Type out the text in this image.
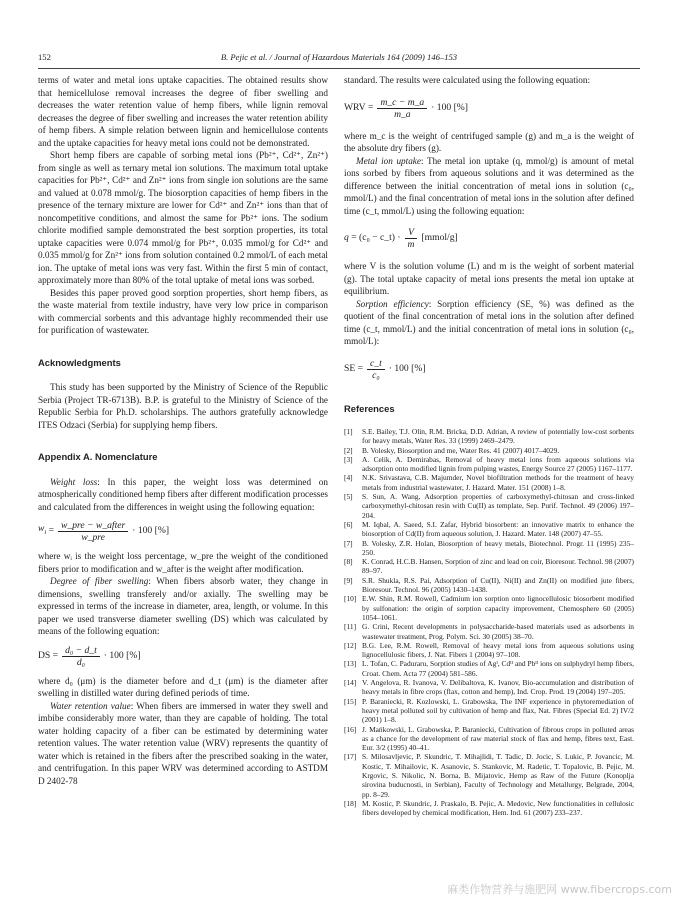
152	B. Pejic et al. / Journal of Hazardous Materials 164 (2009) 146–153

terms of water and metal ions uptake capacities. The obtained results show that hemicellulose removal increases the degree of fiber swelling and decreases the water retention value of hemp fibers, while lignin removal decreases the degree of fiber swelling and increases the water retention ability of hemp fibers. A simple relation between lignin and hemicellulose contents and the uptake capacities for heavy metal ions could not be demonstrated.

Short hemp fibers are capable of sorbing metal ions (Pb²⁺, Cd²⁺, Zn²⁺) from single as well as ternary metal ion solutions. The maximum total uptake capacities for Pb²⁺, Cd²⁺ and Zn²⁺ ions from single ion solutions are the same and valued at 0.078 mmol/g. The biosorption capacities of hemp fibers in the presence of the ternary mixture are lower for Cd²⁺ and Zn²⁺ ions than that of noncompetitive conditions, and almost the same for Pb²⁺ ions. The sodium chlorite modified sample demonstrated the best sorption properties, its total uptake capacities were 0.074 mmol/g for Pb²⁺, 0.035 mmol/g for Cd²⁺ and 0.035 mmol/g for Zn²⁺ ions from solution contained 0.2 mmol/L of each metal ion. The uptake of metal ions was very fast. Within the first 5 min of contact, approximately more than 80% of the total uptake of metal ions was sorbed.

Besides this paper proved good sorption properties, short hemp fibers, as the waste material from textile industry, have very low price in comparison with commercial sorbents and this advantage highly recommended their use for purification of wastewater.

Acknowledgments

This study has been supported by the Ministry of Science of the Republic Serbia (Project TR-6713B). B.P. is grateful to the Ministry of Science of the Republic Serbia for Ph.D. scholarships. The authors gratefully acknowledge ITES Odzaci (Serbia) for supplying hemp fibers.

Appendix A. Nomenclature

Weight loss: In this paper, the weight loss was determined on atmospherically conditioned hemp fibers after different modification processes and calculated from the differences in weight using the following equation:

$w_i = \frac{\text{w\_pre − w\_after}}{\text{w\_pre}} \cdot 100$ [%]

where wᵢ is the weight loss percentage, w_pre the weight of the conditioned fibers prior to modification and w_after is the weight after modification.

Degree of fiber swelling: When fibers absorb water, they change in dimensions, swelling transferely and/or axially. The swelling may be expressed in terms of the increase in diameter, area, length, or volume. In this paper we used transverse diameter swelling (DS) which was calculated by means of the following equation:

DS = $\frac{\text{d₀ − d\_t}}{\text{d₀}} \cdot 100$ [%]

where d₀ (μm) is the diameter before and d_t (μm) is the diameter after swelling in distilled water during defined periods of time.

Water retention value: When fibers are immersed in water they swell and imbibe considerably more water, than they are capable of holding. The total water holding capacity of a fiber can be estimated by determining water retention values. The water retention value (WRV) represents the quantity of water which is retained in the fibers after the prescribed soaking in the water, and centrifugation. In this paper WRV was determined according to ASTDM D 2402-78

standard. The results were calculated using the following equation:

WRV = $\frac{m\_c - m\_a}{m\_a} \cdot 100$ [%]

where m_c is the weight of centrifuged sample (g) and m_a is the weight of the absolute dry fibers (g).

Metal ion uptake: The metal ion uptake (q, mmol/g) is amount of metal ions sorbed by fibers from aqueous solutions and it was determined as the difference between the initial concentration of metal ions in solution (c₀, mmol/L) and the final concentration of metal ions in the solution after defined time (c_t, mmol/L) using the following equation:

q = (c₀ − c_t) · $\frac{V}{m}$ [mmol/g]

where V is the solution volume (L) and m is the weight of sorbent material (g). The total uptake capacity of metal ions presents the metal ion uptake at equilibrium.

Sorption efficiency: Sorption efficiency (SE, %) was defined as the quotient of the final concentration of metal ions in the solution after defined time (c_t, mmol/L) and the initial concentration of metal ions in solution (c₀, mmol/L):

SE = $\frac{c\_t}{\text{c₀}} \cdot 100$ [%]
References
[1]	S.E. Bailey, T.J. Olin, R.M. Bricka, D.D. Adrian, A review of potentially low-cost sorbents for heavy metals, Water Res. 33 (1999) 2469–2479.
[2]	B. Volesky, Biosorption and me, Water Res. 41 (2007) 4017–4029.
[3]	A. Celik, A. Demirabas, Removal of heavy metal ions from aqueous solutions via adsorption onto modified lignin from pulping wastes, Energy Source 27 (2005) 1167–1177.
[4]	N.K. Srivastava, C.B. Majumder, Novel biofiltration methods for the treatment of heavy metals from industrial wastewater, J. Hazard. Mater. 151 (2008) 1–8.
[5]	S. Sun, A. Wang, Adsorption properties of carboxymethyl-chitosan and cross-linked carboxymethyl-chitosan resin with Cu(II) as template, Sep. Purif. Technol. 49 (2006) 197–204.
[6]	M. Iqbal, A. Saeed, S.I. Zafar, Hybrid biosorbent: an innovative matrix to enhance the biosorption of Cd(II) from aqueous solution, J. Hazard. Mater. 148 (2007) 47–55.
[7]	B. Volesky, Z.R. Holan, Biosorption of heavy metals, Biotechnol. Progr. 11 (1995) 235–250.
[8]	K. Conrad, H.C.B. Hansen, Sorption of zinc and lead on coir, Bioresour. Technol. 98 (2007) 89–97.
[9]	S.R. Shukla, R.S. Pai, Adsorption of Cu(II), Ni(II) and Zn(II) on modified jute fibers, Bioresour. Technol. 96 (2005) 1430–1438.
[10] E.W. Shin, R.M. Rowell, Cadmium ion sorption onto lignocellulosic biosorbent modified by sulfonation: the origin of sorption capacity improvement, Chemosphere 60 (2005) 1054–1061.
[11] G. Crini, Recent developments in polysaccharide-based materials used as adsorbents in wastewater treatment, Prog. Polym. Sci. 30 (2005) 38–70.
[12] B.G. Lee, R.M. Rowell, Removal of heavy metal ions from aqueous solutions using lignocellulosic fibers, J. Nat. Fibers 1 (2004) 97–108.
[13] L. Tofan, C. Paduraru, Sorption studies of Agᴵ, Cdᴵᴵ and Pbᴵᴵ ions on sulphydryl hemp fibers, Croat. Chem. Acta 77 (2004) 581–586.
[14] V. Angelova, R. Ivanova, V. Delibaltova, K. Ivanov, Bio-accumulation and distribution of heavy metals in fibre crops (flax, cotton and hemp), Ind. Crop. Prod. 19 (2004) 197–205.
[15] P. Baraniecki, R. Kozlowski, L. Grabowska, The INF experience in phytoremediation of heavy metal polluted soil by cultivation of hemp and flax, Nat. Fibres (Special Ed. 2) IV/2 (2001) 1–8.
[16] J. Mańkowski, L. Grabowska, P. Baraniecki, Cultivation of fibrous crops in polluted areas as a chance for the development of raw material stock of flax and hemp, fibres text, East. Eur. 3/2 (1995) 40–41.
[17] S. Milosavljevic, P. Skundric, T. Mihajlidi, T. Tadic, D. Jocic, S. Lukic, P. Jovancic, M. Kostic, T. Mihailovic, K. Asanovic, S. Stankovic, M. Radetic, T. Topalovic, B. Pejic, M. Krgovic, S. Nikolic, N. Borna, B. Mijatovic, Hemp as Raw of the Future (Konoplja sirovina buducnosti, in Serbian), Faculty of Technology and Metallurgy, Belgrade, 2004, pp. 8–29.
[18] M. Kostic, P. Skundric, J. Praskalo, B. Pejic, A. Medovic, New functionalities in cellulosic fibers developed by chemical modification, Hem. Ind. 61 (2007) 233–237.
麻类作物营养与施肥网 www.fibercrops.com
